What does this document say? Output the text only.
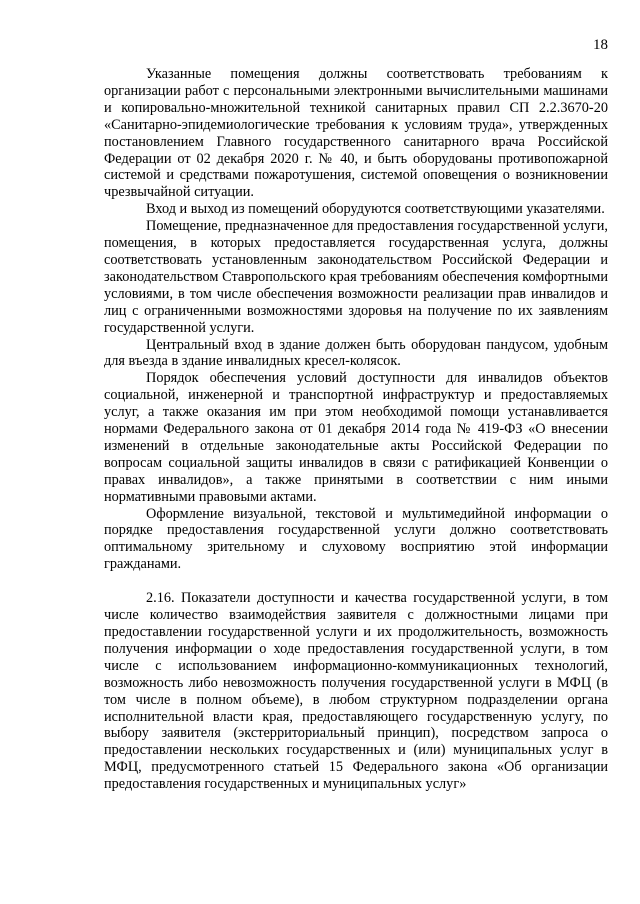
18

Указанные помещения должны соответствовать требованиям к организации работ с персональными электронными вычислительными машинами и копировально-множительной техникой санитарных правил СП 2.2.3670-20 «Санитарно-эпидемиологические требования к условиям труда», утвержденных постановлением Главного государственного санитарного врача Российской Федерации от 02 декабря 2020 г. № 40, и быть оборудованы противопожарной системой и средствами пожаротушения, системой оповещения о возникновении чрезвычайной ситуации.

Вход и выход из помещений оборудуются соответствующими указателями.

Помещение, предназначенное для предоставления государственной услуги, помещения, в которых предоставляется государственная услуга, должны соответствовать установленным законодательством Российской Федерации и законодательством Ставропольского края требованиям обеспечения комфортными условиями, в том числе обеспечения возможности реализации прав инвалидов и лиц с ограниченными возможностями здоровья на получение по их заявлениям государственной услуги.

Центральный вход в здание должен быть оборудован пандусом, удобным для въезда в здание инвалидных кресел-колясок.

Порядок обеспечения условий доступности для инвалидов объектов социальной, инженерной и транспортной инфраструктур и предоставляемых услуг, а также оказания им при этом необходимой помощи устанавливается нормами Федерального закона от 01 декабря 2014 года № 419-ФЗ «О внесении изменений в отдельные законодательные акты Российской Федерации по вопросам социальной защиты инвалидов в связи с ратификацией Конвенции о правах инвалидов», а также принятыми в соответствии с ним иными нормативными правовыми актами.

Оформление визуальной, текстовой и мультимедийной информации о порядке предоставления государственной услуги должно соответствовать оптимальному зрительному и слуховому восприятию этой информации гражданами.

2.16. Показатели доступности и качества государственной услуги, в том числе количество взаимодействия заявителя с должностными лицами при предоставлении государственной услуги и их продолжительность, возможность получения информации о ходе предоставления государственной услуги, в том числе с использованием информационно-коммуникационных технологий, возможность либо невозможность получения государственной услуги в МФЦ (в том числе в полном объеме), в любом структурном подразделении органа исполнительной власти края, предоставляющего государственную услугу, по выбору заявителя (экстерриториальный принцип), посредством запроса о предоставлении нескольких государственных и (или) муниципальных услуг в МФЦ, предусмотренного статьей 15 Федерального закона «Об организации предоставления государственных и муниципальных услуг»
